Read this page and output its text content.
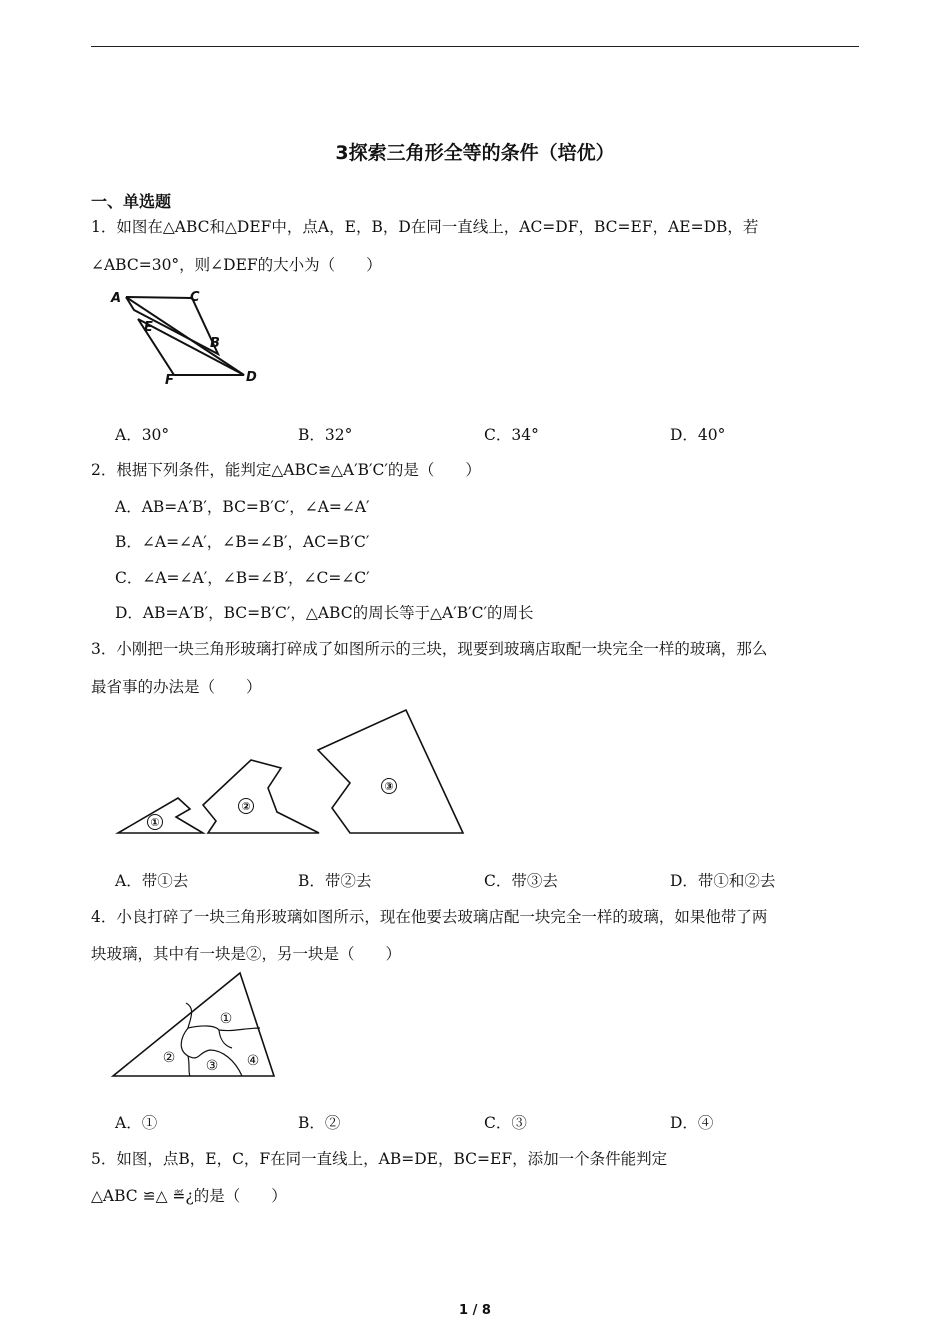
3探索三角形全等的条件（培优）
一、单选题
1．如图在△ABC和△DEF中，点A，E，B，D在同一直线上，AC=DF，BC=EF，AE=DB，若
∠ABC=30°，则∠DEF的大小为（　　）
A	C
E
B
F	D
A．30°	B．32°	C．34°	D．40°
2．根据下列条件，能判定△ABC≌△A′B′C′的是（　　）
A．AB=A′B′，BC=B′C′，∠A=∠A′
B．∠A=∠A′，∠B=∠B′，AC=B′C′
C．∠A=∠A′，∠B=∠B′，∠C=∠C′
D．AB=A′B′，BC=B′C′，△ABC的周长等于△A′B′C′的周长
3．小刚把一块三角形玻璃打碎成了如图所示的三块，现要到玻璃店取配一块完全一样的玻璃，那么
最省事的办法是（　　）
①
②
③
A．带①去	B．带②去	C．带③去	D．带①和②去
4．小良打碎了一块三角形玻璃如图所示，现在他要去玻璃店配一块完全一样的玻璃，如果他带了两
块玻璃，其中有一块是②，另一块是（　　）
①
② ③ ④
A．①	B．②	C．③	D．④
5．如图，点B，E，C，F在同一直线上，AB=DE，BC=EF，添加一个条件能判定
△ABC ≌△ ≝¿的是（　　）
1 / 8
